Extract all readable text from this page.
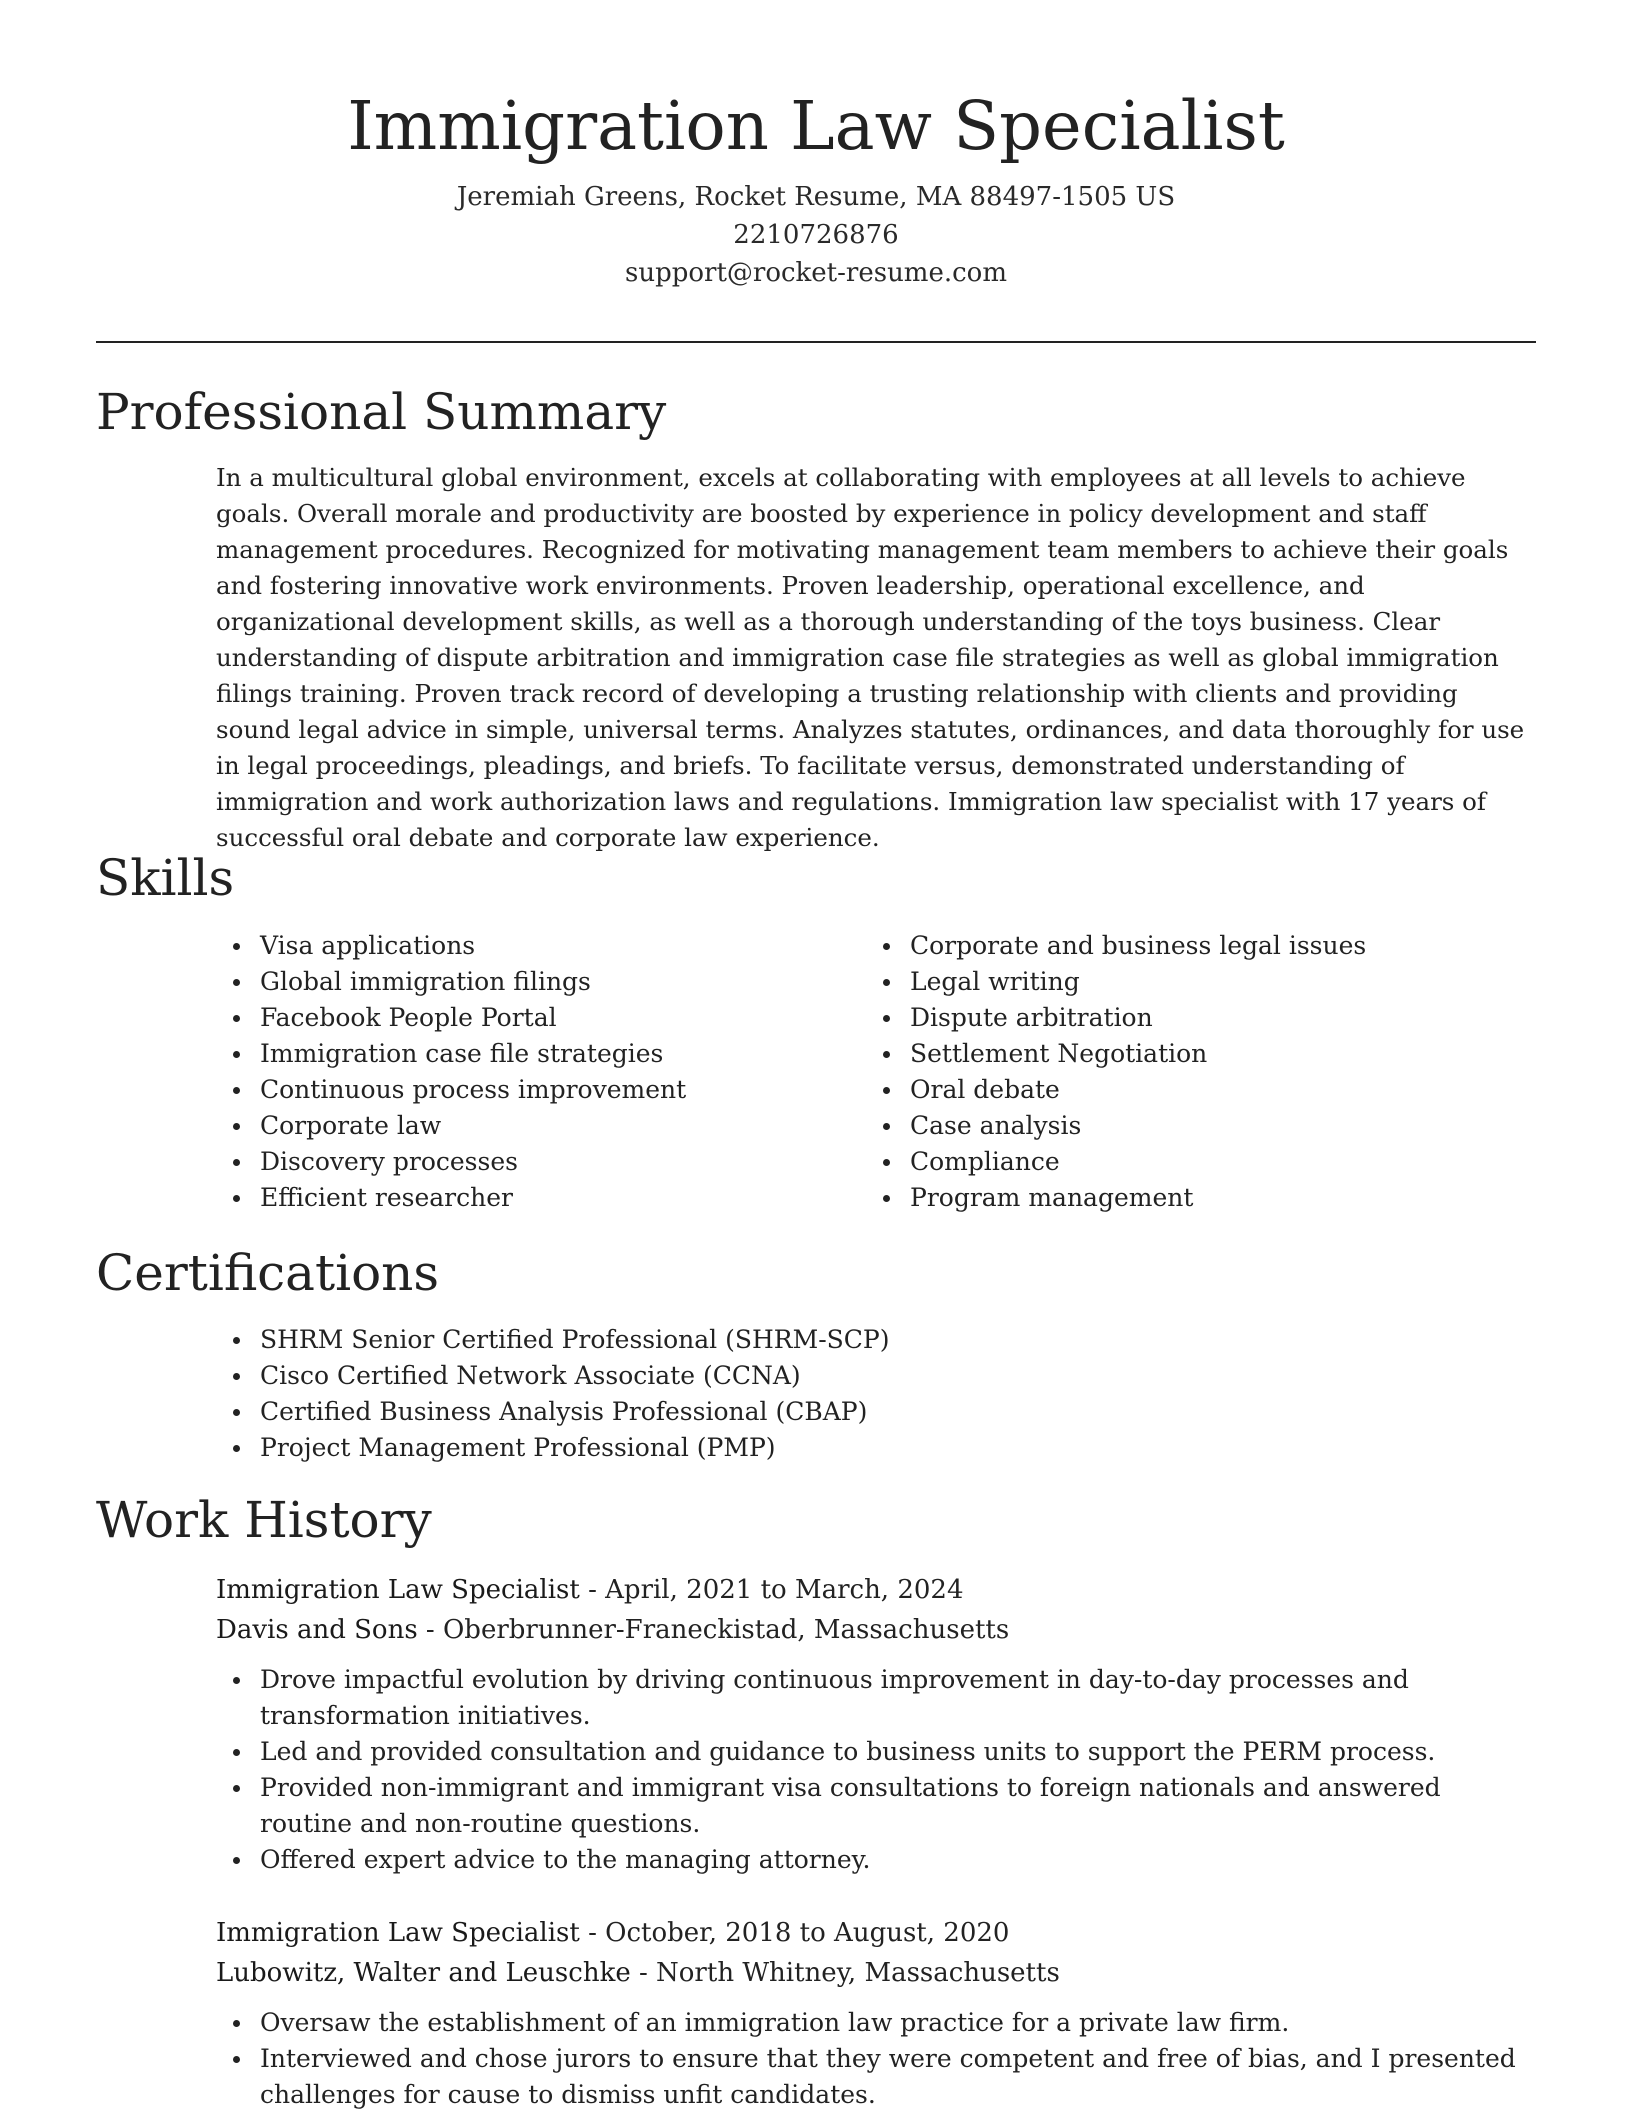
Immigration Law Specialist
Jeremiah Greens, Rocket Resume, MA 88497-1505 US
2210726876
support@rocket-resume.com
Professional Summary

In a multicultural global environment, excels at collaborating with employees at all levels to achieve goals. Overall morale and productivity are boosted by experience in policy development and staff management procedures. Recognized for motivating management team members to achieve their goals and fostering innovative work environments. Proven leadership, operational excellence, and organizational development skills, as well as a thorough understanding of the toys business. Clear understanding of dispute arbitration and immigration case file strategies as well as global immigration filings training. Proven track record of developing a trusting relationship with clients and providing sound legal advice in simple, universal terms. Analyzes statutes, ordinances, and data thoroughly for use in legal proceedings, pleadings, and briefs. To facilitate versus, demonstrated understanding of immigration and work authorization laws and regulations. Immigration law specialist with 17 years of successful oral debate and corporate law experience.

Skills
Visa applications
Global immigration filings
Facebook People Portal
Immigration case file strategies
Continuous process improvement
Corporate law
Discovery processes
Efficient researcher
Corporate and business legal issues
Legal writing
Dispute arbitration
Settlement Negotiation
Oral debate
Case analysis
Compliance
Program management
Certifications
SHRM Senior Certified Professional (SHRM-SCP)
Cisco Certified Network Associate (CCNA)
Certified Business Analysis Professional (CBAP)
Project Management Professional (PMP)
Work History
Immigration Law Specialist - April, 2021 to March, 2024
Davis and Sons - Oberbrunner-Franeckistad, Massachusetts
Drove impactful evolution by driving continuous improvement in day-to-day processes and transformation initiatives.
Led and provided consultation and guidance to business units to support the PERM process.
Provided non-immigrant and immigrant visa consultations to foreign nationals and answered routine and non-routine questions.
Offered expert advice to the managing attorney.
Immigration Law Specialist - October, 2018 to August, 2020
Lubowitz, Walter and Leuschke - North Whitney, Massachusetts
Oversaw the establishment of an immigration law practice for a private law firm.
Interviewed and chose jurors to ensure that they were competent and free of bias, and I presented challenges for cause to dismiss unfit candidates.
